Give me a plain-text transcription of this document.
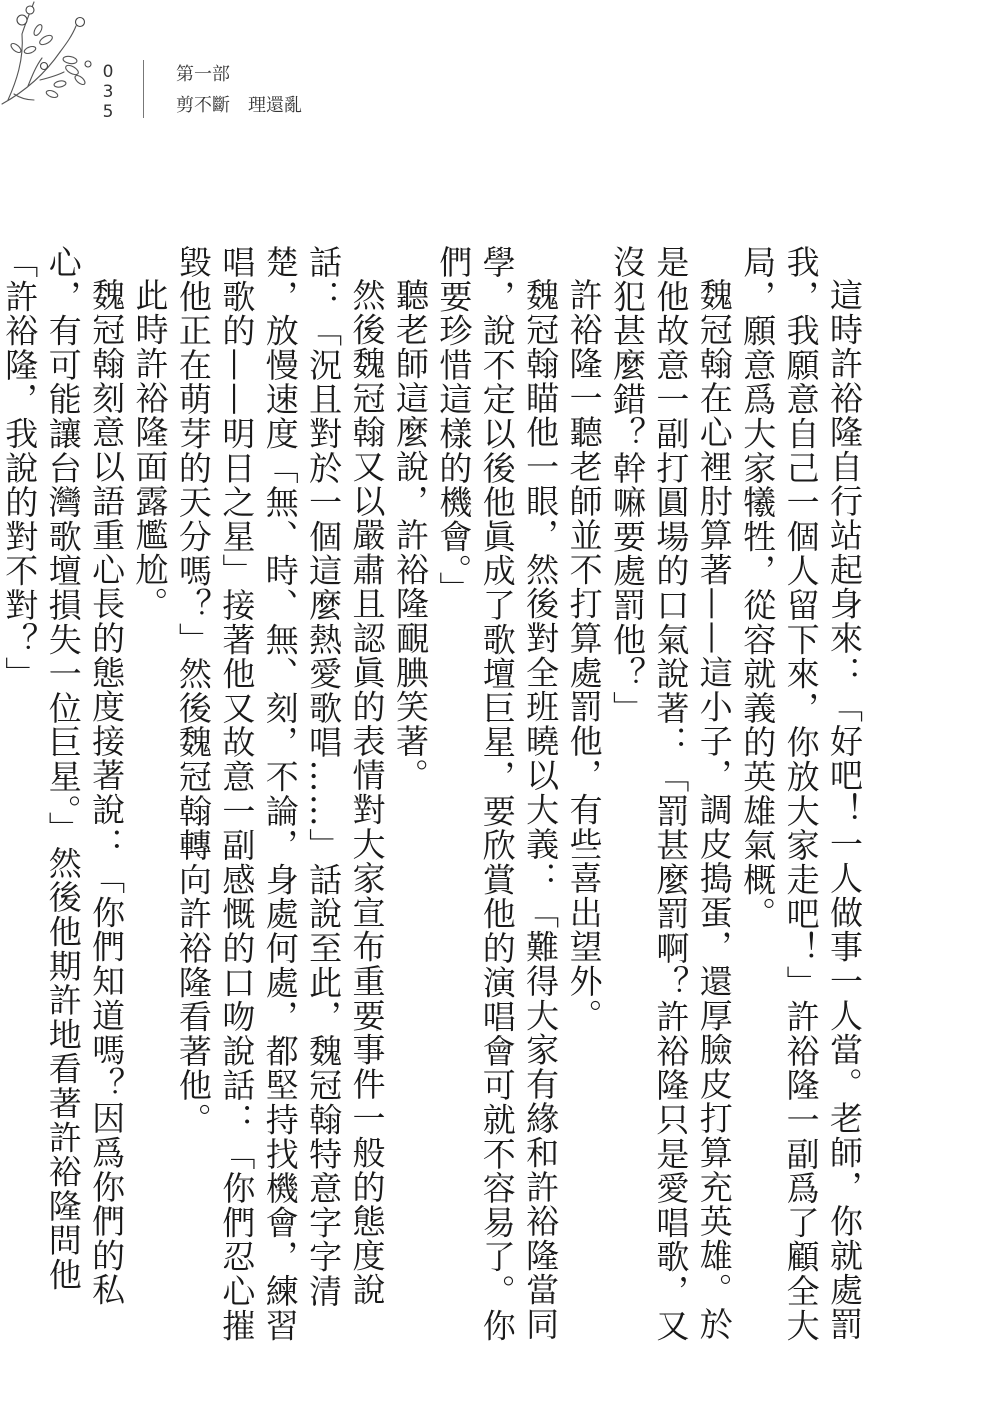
035
第一部
剪不斷　理還亂

這時許裕隆自行站起身來：「好吧！一人做事一人當。老師，你就處罰我，我願意自己一個人留下來，你放大家走吧！」許裕隆一副爲了顧全大局，願意爲大家犧牲，從容就義的英雄氣概。

魏冠翰在心裡肘算著——這小子，調皮搗蛋，還厚臉皮打算充英雄。於是他故意一副打圓場的口氣說著：「罰甚麼罰啊？許裕隆只是愛唱歌，又沒犯甚麼錯？幹嘛要處罰他？」

許裕隆一聽老師並不打算處罰他，有些喜出望外。

魏冠翰瞄他一眼，然後對全班曉以大義：「難得大家有緣和許裕隆當同學，說不定以後他眞成了歌壇巨星，要欣賞他的演唱會可就不容易了。你們要珍惜這樣的機會。」

聽老師這麼說，許裕隆靦腆笑著。

然後魏冠翰又以嚴肅且認眞的表情對大家宣布重要事件一般的態度說話：「況且對於一個這麼熱愛歌唱……」話說至此，魏冠翰特意字字清楚，放慢速度「無、時、無、刻，不論，身處何處，都堅持找機會，練習唱歌的——明日之星」接著他又故意一副感慨的口吻說話：「你們忍心摧毀他正在萌芽的天分嗎？」然後魏冠翰轉向許裕隆看著他。

此時許裕隆面露尷尬。

魏冠翰刻意以語重心長的態度接著說：「你們知道嗎？因爲你們的私心，有可能讓台灣歌壇損失一位巨星。」然後他期許地看著許裕隆問他「許裕隆，我說的對不對？」
